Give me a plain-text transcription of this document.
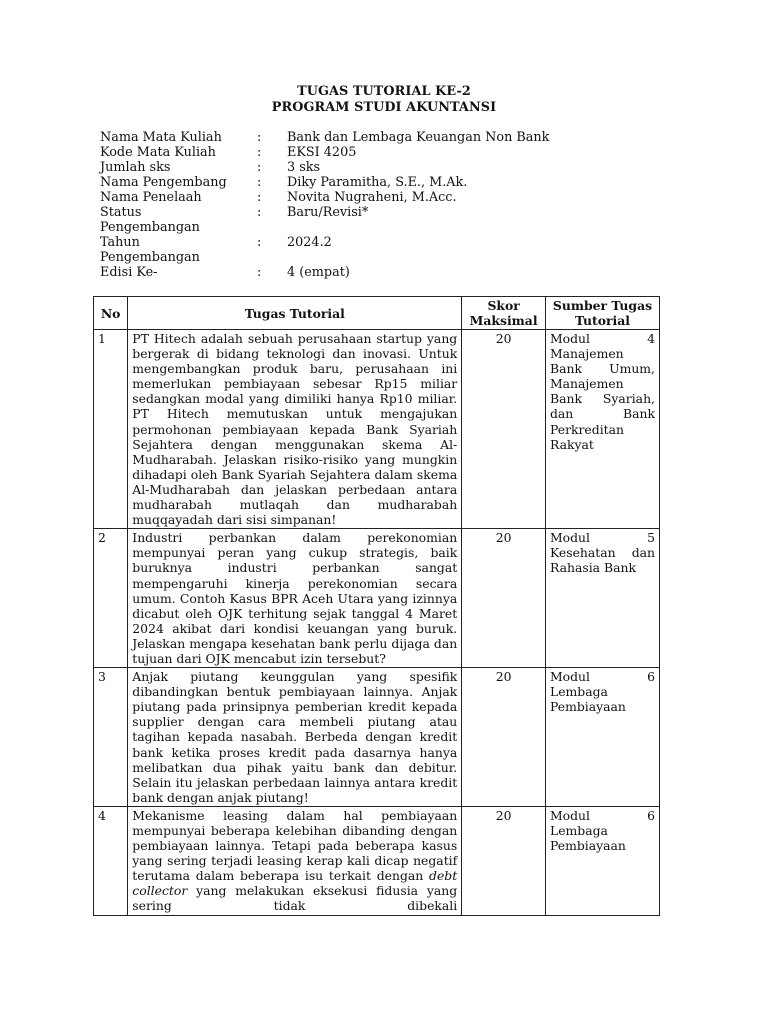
TUGAS TUTORIAL KE-2
PROGRAM STUDI AKUNTANSI
Nama Mata Kuliah	: Bank dan Lembaga Keuangan Non Bank
Kode Mata Kuliah	: EKSI 4205
Jumlah sks	: 3 sks
Nama Pengembang	: Diky Paramitha, S.E., M.Ak.
Nama Penelaah	: Novita Nugraheni, M.Acc.
Status
Pengembangan
: Baru/Revisi*
Tahun
Pengembangan
: 2024.2
Edisi Ke-	: 4 (empat)
No	Tugas Tutorial	Skor Maksimal	Sumber Tugas Tutorial
1	PT Hitech adalah sebuah perusahaan startup yang bergerak di bidang teknologi dan inovasi. Untuk mengembangkan produk baru, perusahaan ini memerlukan pembiayaan sebesar Rp15 miliar sedangkan modal yang dimiliki hanya Rp10 miliar. PT Hitech memutuskan untuk mengajukan permohonan pembiayaan kepada Bank Syariah Sejahtera dengan menggunakan skema Al-Mudharabah. Jelaskan risiko-risiko yang mungkin dihadapi oleh Bank Syariah Sejahtera dalam skema Al-Mudharabah dan jelaskan perbedaan antara mudharabah mutlaqah dan mudharabah muqqayadah dari sisi simpanan!	20	Modul 4 Manajemen Bank Umum, Manajemen Bank Syariah, dan Bank Perkreditan Rakyat
2	Industri perbankan dalam perekonomian mempunyai peran yang cukup strategis, baik buruknya industri perbankan sangat mempengaruhi kinerja perekonomian secara umum. Contoh Kasus BPR Aceh Utara yang izinnya dicabut oleh OJK terhitung sejak tanggal 4 Maret 2024 akibat dari kondisi keuangan yang buruk. Jelaskan mengapa kesehatan bank perlu dijaga dan tujuan dari OJK mencabut izin tersebut?	20	Modul 5 Kesehatan dan Rahasia Bank
3	Anjak piutang keunggulan yang spesifik dibandingkan bentuk pembiayaan lainnya. Anjak piutang pada prinsipnya pemberian kredit kepada supplier dengan cara membeli piutang atau tagihan kepada nasabah. Berbeda dengan kredit bank ketika proses kredit pada dasarnya hanya melibatkan dua pihak yaitu bank dan debitur. Selain itu jelaskan perbedaan lainnya antara kredit bank dengan anjak piutang!	20	Modul 6 Lembaga Pembiayaan
4	Mekanisme leasing dalam hal pembiayaan mempunyai beberapa kelebihan dibanding dengan pembiayaan lainnya. Tetapi pada beberapa kasus yang sering terjadi leasing kerap kali dicap negatif terutama dalam beberapa isu terkait dengan debt collector yang melakukan eksekusi fidusia yang sering tidak dibekali	20	Modul 6 Lembaga Pembiayaan
